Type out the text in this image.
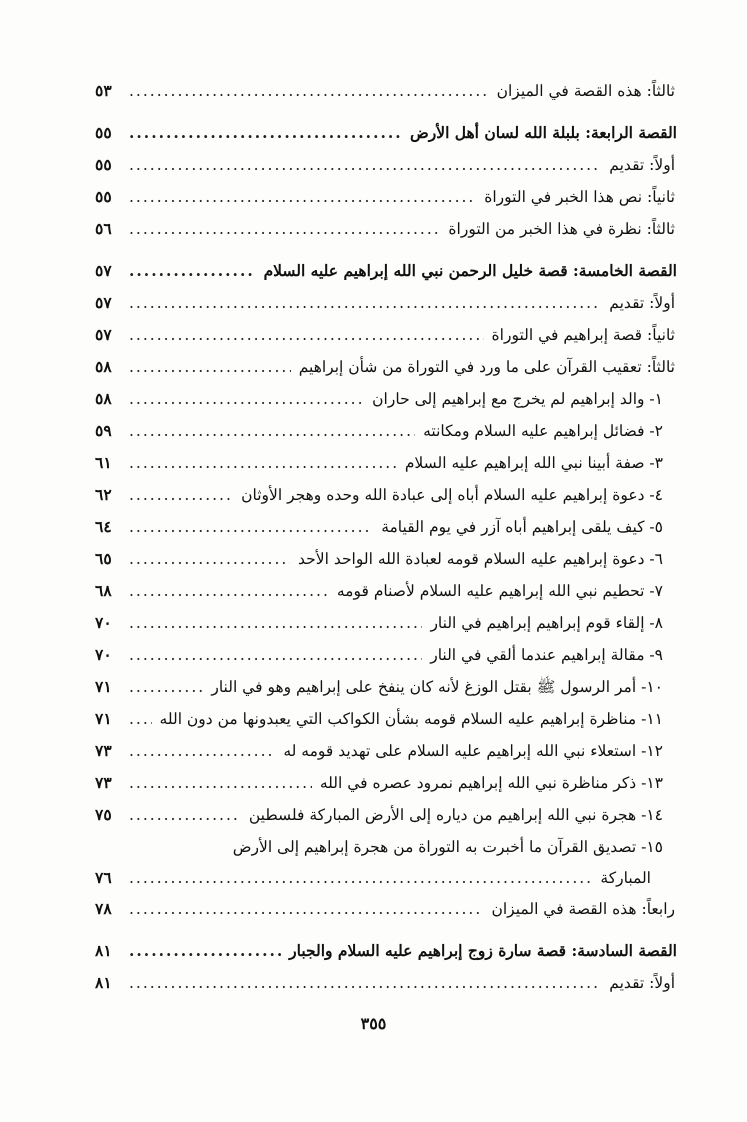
ثالثاً: هذه القصة في الميزان
.....
٥٣
القصة الرابعة: بلبلة الله لسان أهل الأرض
.....
٥٥
أولاً: تقديم
.....
٥٥
ثانياً: نص هذا الخبر في التوراة
.....
٥٥
ثالثاً: نظرة في هذا الخبر من التوراة
.....
٥٦
القصة الخامسة: قصة خليل الرحمن نبي الله إبراهيم عليه السلام
.....
٥٧
أولاً: تقديم
.....
٥٧
ثانياً: قصة إبراهيم في التوراة
.....
٥٧
ثالثاً: تعقيب القرآن على ما ورد في التوراة من شأن إبراهيم
.....
٥٨
١- والد إبراهيم لم يخرج مع إبراهيم إلى حاران
.....
٥٨
٢- فضائل إبراهيم عليه السلام ومكانته
.....
٥٩
٣- صفة أبينا نبي الله إبراهيم عليه السلام
.....
٦١
٤- دعوة إبراهيم عليه السلام أباه إلى عبادة الله وحده وهجر الأوثان
.....
٦٢
٥- كيف يلقى إبراهيم أباه آزر في يوم القيامة
.....
٦٤
٦- دعوة إبراهيم عليه السلام قومه لعبادة الله الواحد الأحد
.....
٦٥
٧- تحطيم نبي الله إبراهيم عليه السلام لأصنام قومه
.....
٦٨
٨- إلقاء قوم إبراهيم إبراهيم في النار
.....
٧٠
٩- مقالة إبراهيم عندما ألقي في النار
.....
٧٠
١٠- أمر الرسول ﷺ بقتل الوزغ لأنه كان ينفخ على إبراهيم وهو في النار
.....
٧١
١١- مناظرة إبراهيم عليه السلام قومه بشأن الكواكب التي يعبدونها من دون الله
.....
٧١
١٢- استعلاء نبي الله إبراهيم عليه السلام على تهديد قومه له
.....
٧٣
١٣- ذكر مناظرة نبي الله إبراهيم نمرود عصره في الله
.....
٧٣
١٤- هجرة نبي الله إبراهيم من دياره إلى الأرض المباركة فلسطين
.....
٧٥
١٥- تصديق القرآن ما أخبرت به التوراة من هجرة إبراهيم إلى الأرض
المباركة
.....
٧٦
رابعاً: هذه القصة في الميزان
.....
٧٨
القصة السادسة: قصة سارة زوج إبراهيم عليه السلام والجبار
.....
٨١
أولاً: تقديم
.....
٨١
٣٥٥
